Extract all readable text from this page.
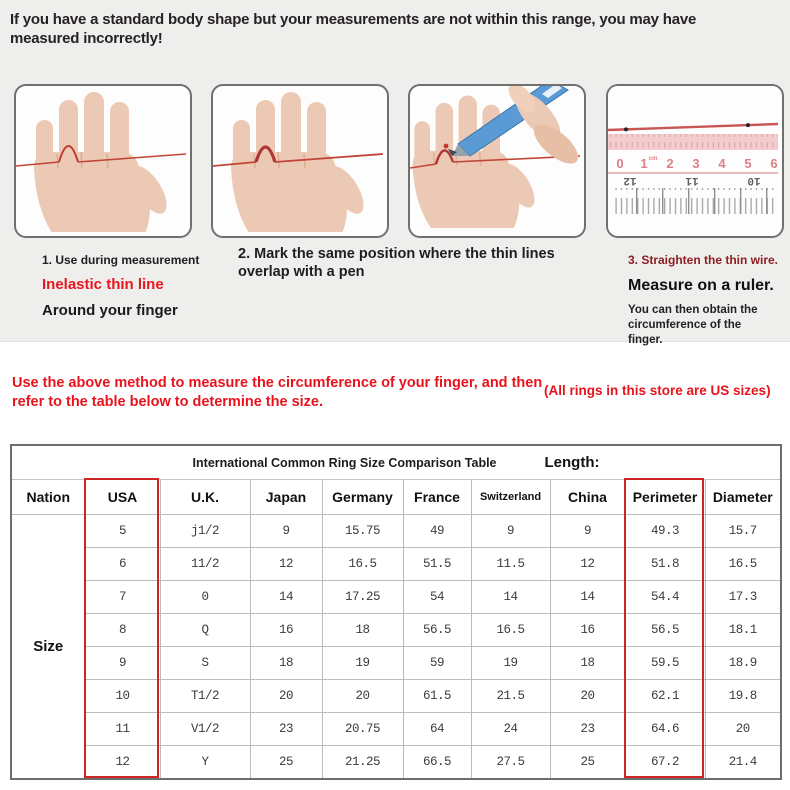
If you have a standard body shape but your measurements are not within this range, you may have measured incorrectly!
0 1 2 3 4 5 6
cm
12	11	10
1. Use during measurement
Inelastic thin line
Around your finger
2. Mark the same position where the thin lines overlap with a pen
3. Straighten the thin wire.
Measure on a ruler.
You can then obtain the circumference of the finger.
Use the above method to measure the circumference of your finger, and then refer to the table below to determine the size.
(All rings in this store are US sizes)
International Common Ring Size Comparison Table Length:									

Nation	USA	U.K.	Japan	Germany	France	Switzerland	China	Perimeter	Diameter
Size	5	j1/2	9	15.75	49	9	9	49.3	15.7
	6	11/2	12	16.5	51.5	11.5	12	51.8	16.5
	7	0	14	17.25	54	14	14	54.4	17.3
	8	Q	16	18	56.5	16.5	16	56.5	18.1
	9	S	18	19	59	19	18	59.5	18.9
	10	T1/2	20	20	61.5	21.5	20	62.1	19.8
	11	V1/2	23	20.75	64	24	23	64.6	20
	12	Y	25	21.25	66.5	27.5	25	67.2	21.4
